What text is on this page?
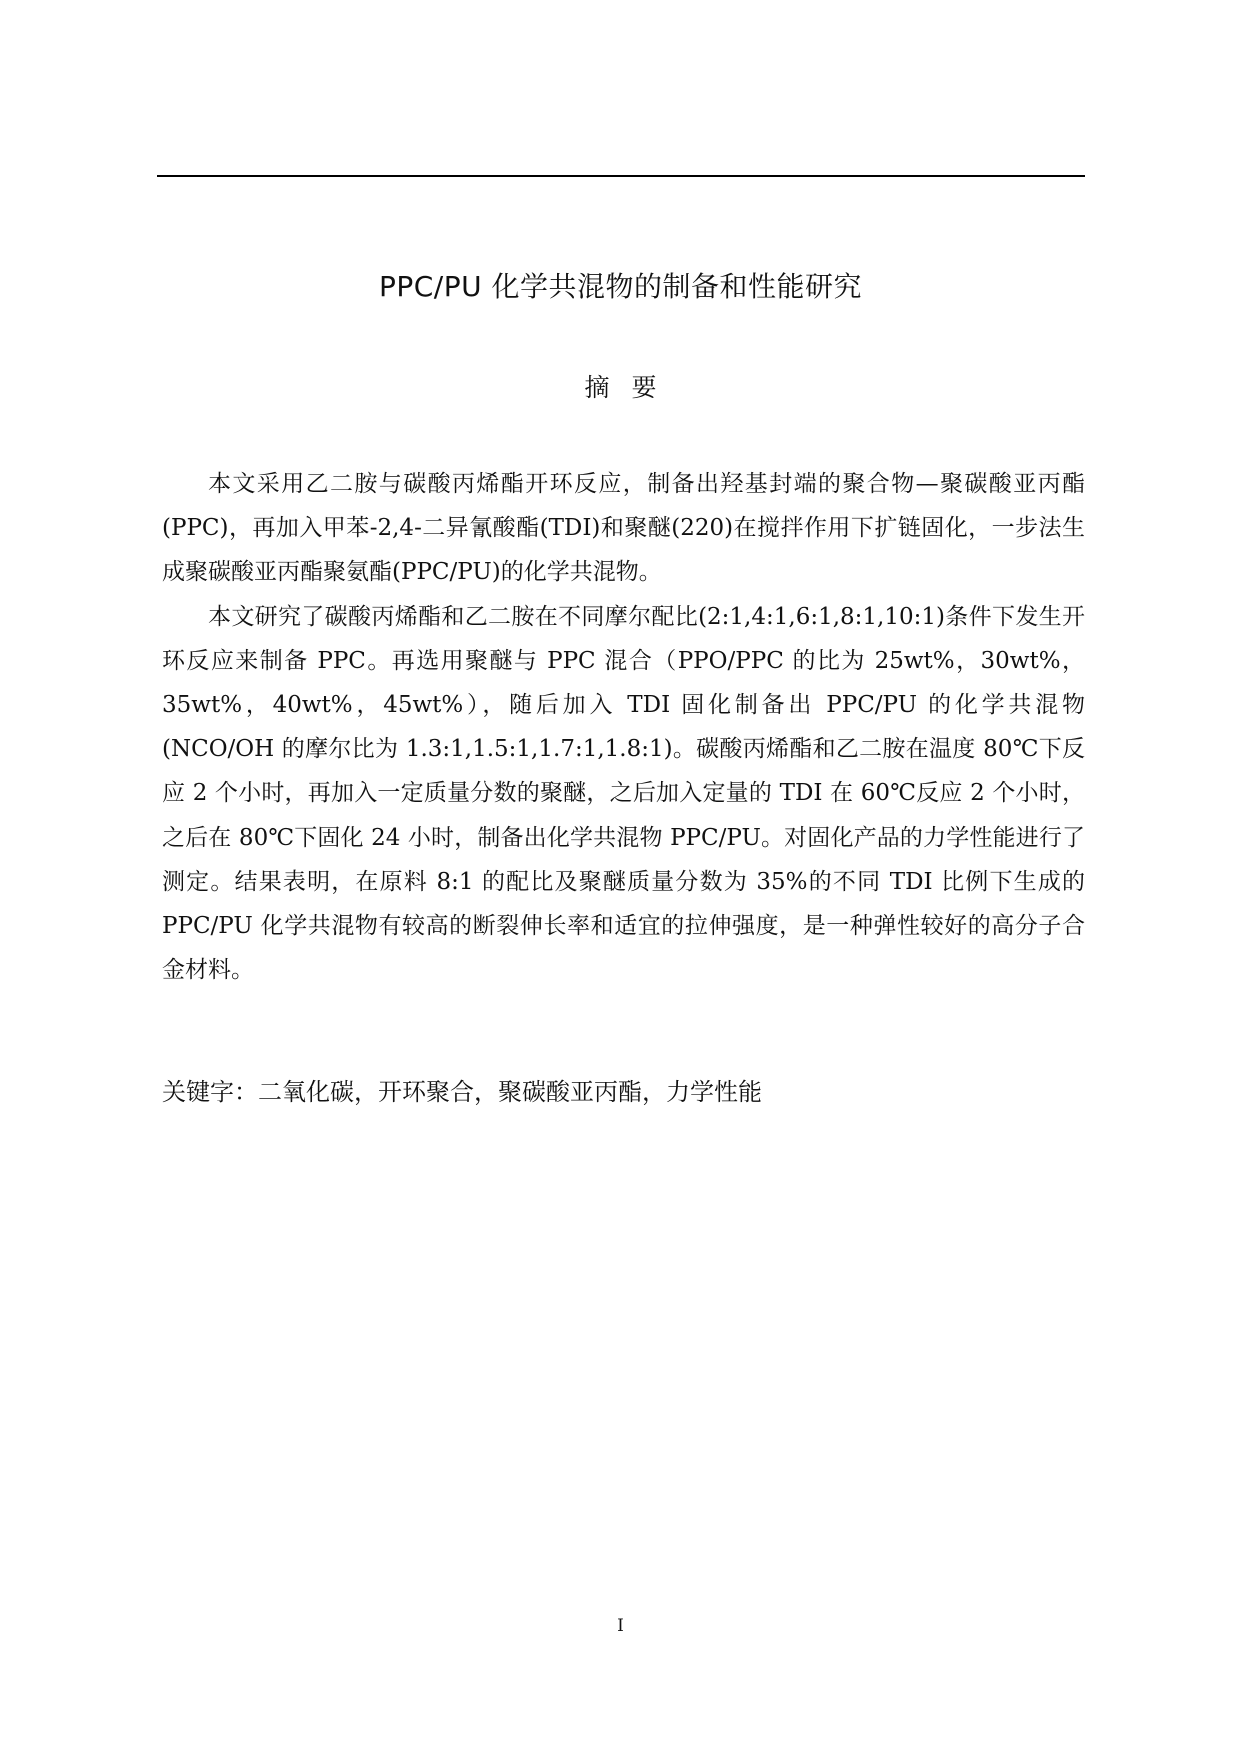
PPC/PU 化学共混物的制备和性能研究
摘要

本文采用乙二胺与碳酸丙烯酯开环反应，制备出羟基封端的聚合物—聚碳酸亚丙酯(PPC)，再加入甲苯-2,4-二异氰酸酯(TDI)和聚醚(220)在搅拌作用下扩链固化，一步法生成聚碳酸亚丙酯聚氨酯(PPC/PU)的化学共混物。

本文研究了碳酸丙烯酯和乙二胺在不同摩尔配比(2:1,4:1,6:1,8:1,10:1)条件下发生开环反应来制备 PPC。再选用聚醚与 PPC 混合（PPO/PPC 的比为 25wt%，30wt%，35wt%，40wt%，45wt%），随后加入 TDI 固化制备出 PPC/PU 的化学共混物(NCO/OH 的摩尔比为 1.3:1,1.5:1,1.7:1,1.8:1)。碳酸丙烯酯和乙二胺在温度 80℃下反应 2 个小时，再加入一定质量分数的聚醚，之后加入定量的 TDI 在 60℃反应 2 个小时，之后在 80℃下固化 24 小时，制备出化学共混物 PPC/PU。对固化产品的力学性能进行了测定。结果表明，在原料 8:1 的配比及聚醚质量分数为 35%的不同 TDI 比例下生成的 PPC/PU 化学共混物有较高的断裂伸长率和适宜的拉伸强度，是一种弹性较好的高分子合金材料。

关键字：二氧化碳，开环聚合，聚碳酸亚丙酯，力学性能
I
